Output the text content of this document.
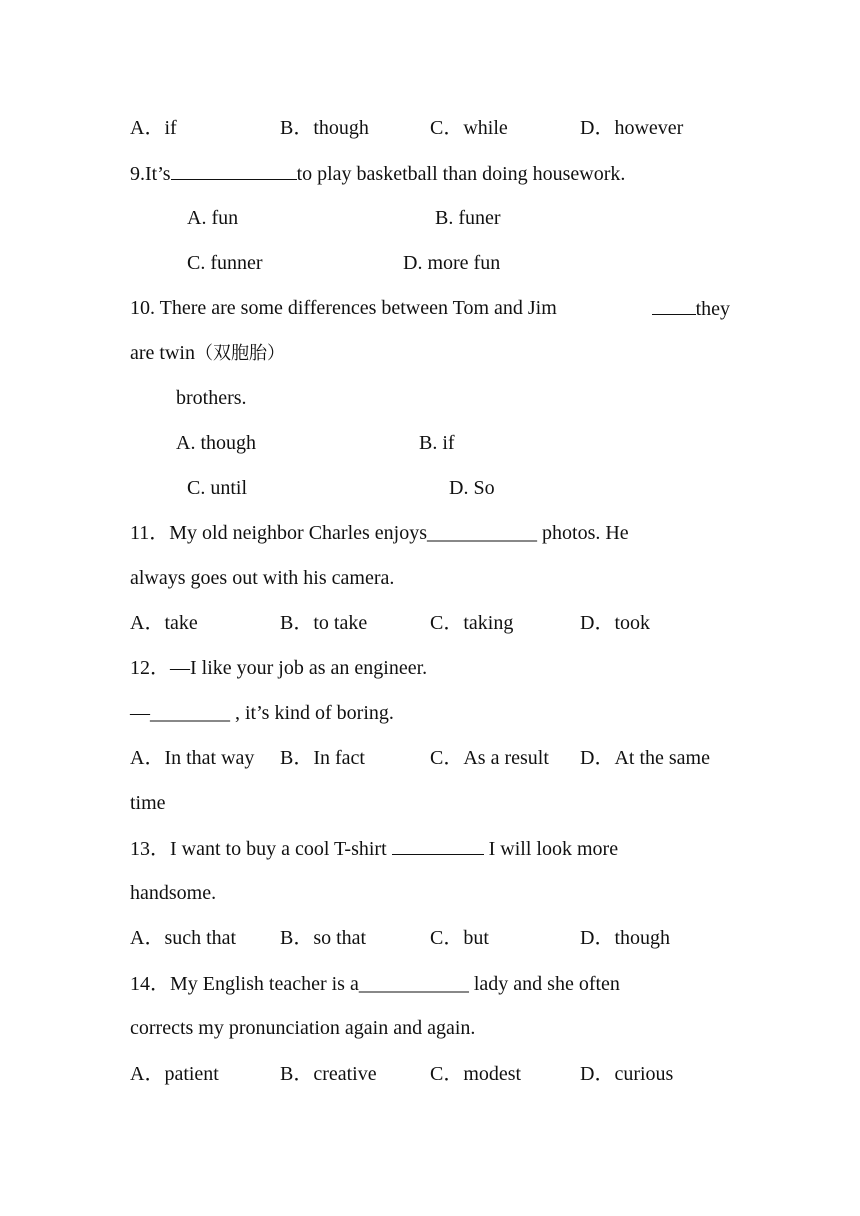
A．if	B．though	C．while	D．however
9.It’s	to play basketball than doing housework.
A. fun	B. funer
C. funner	D. more fun
10. There are some differences between Tom and Jim	they
are twin（双胞胎）
brothers.
A. though	B. if
C. until	D. So
11．My old neighbor Charles enjoys___________ photos. He
always goes out with his camera.
A．take	B．to take	C．taking	D．took
12．—I like your job as an engineer.
—________ , it’s kind of boring.
A．In that way B．In fact	C．As a result D．At the same
time
13．I want to buy a cool T-shirt	I will look more
handsome.
A．such that B．so that	C．but	D．though
14．My English teacher is a___________ lady and she often
corrects my pronunciation again and again.
A．patient	B．creative	C．modest	D．curious
